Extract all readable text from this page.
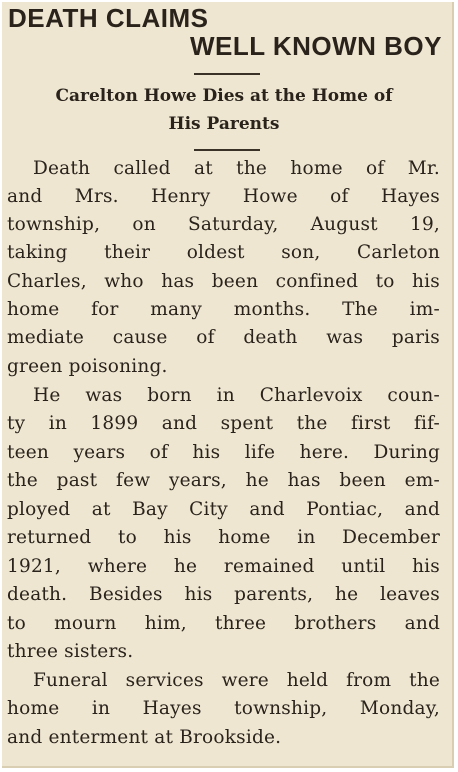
DEATH CLAIMS
WELL KNOWN BOY
Carelton Howe Dies at the Home of
His Parents
Death called at the home of Mr.
and Mrs. Henry Howe of Hayes
township, on Saturday, August 19,
taking their oldest son, Carleton
Charles, who has been confined to his
home for many months. The im-
mediate cause of death was paris
green poisoning.
He was born in Charlevoix coun-
ty in 1899 and spent the first fif-
teen years of his life here. During
the past few years, he has been em-
ployed at Bay City and Pontiac, and
returned to his home in December
1921, where he remained until his
death. Besides his parents, he leaves
to mourn him, three brothers and
three sisters.
Funeral services were held from the
home in Hayes township, Monday,
and enterment at Brookside.
